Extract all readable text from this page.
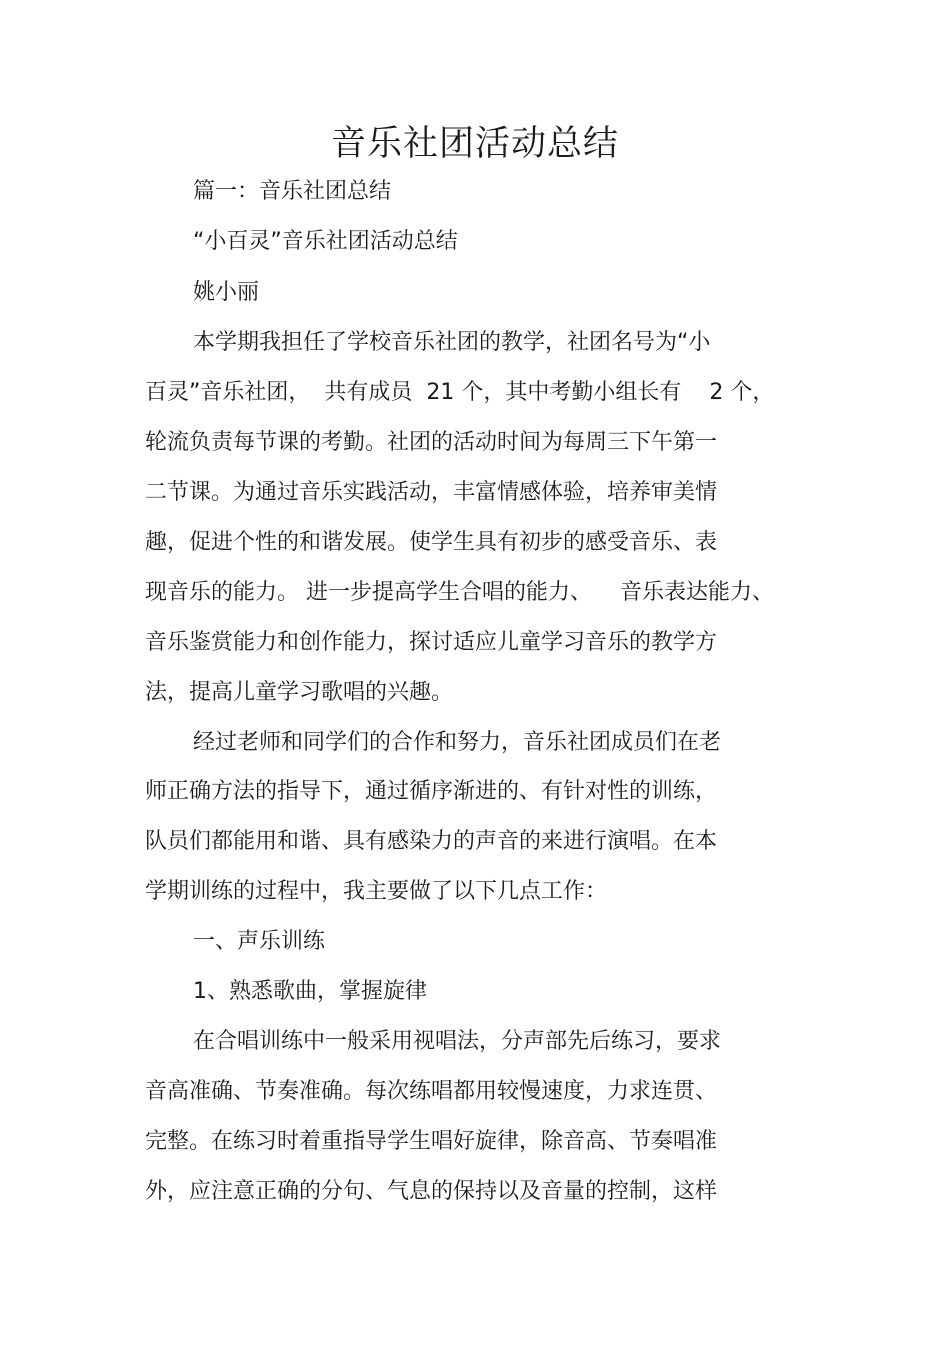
音乐社团活动总结
篇一：音乐社团总结
“小百灵”音乐社团活动总结
姚小丽
本学期我担任了学校音乐社团的教学，社团名号为“小
百灵”音乐社团，  共有成员  21 个，其中考勤小组长有    2 个，
轮流负责每节课的考勤。社团的活动时间为每周三下午第一
二节课。为通过音乐实践活动，丰富情感体验，培养审美情
趣，促进个性的和谐发展。使学生具有初步的感受音乐、表
现音乐的能力。 进一步提高学生合唱的能力、    音乐表达能力、
音乐鉴赏能力和创作能力，探讨适应儿童学习音乐的教学方
法，提高儿童学习歌唱的兴趣。
经过老师和同学们的合作和努力，音乐社团成员们在老
师正确方法的指导下，通过循序渐进的、有针对性的训练，
队员们都能用和谐、具有感染力的声音的来进行演唱。在本
学期训练的过程中，我主要做了以下几点工作：
一、声乐训练
1、熟悉歌曲，掌握旋律
在合唱训练中一般采用视唱法，分声部先后练习，要求
音高准确、节奏准确。每次练唱都用较慢速度，力求连贯、
完整。在练习时着重指导学生唱好旋律，除音高、节奏唱准
外，应注意正确的分句、气息的保持以及音量的控制，这样
